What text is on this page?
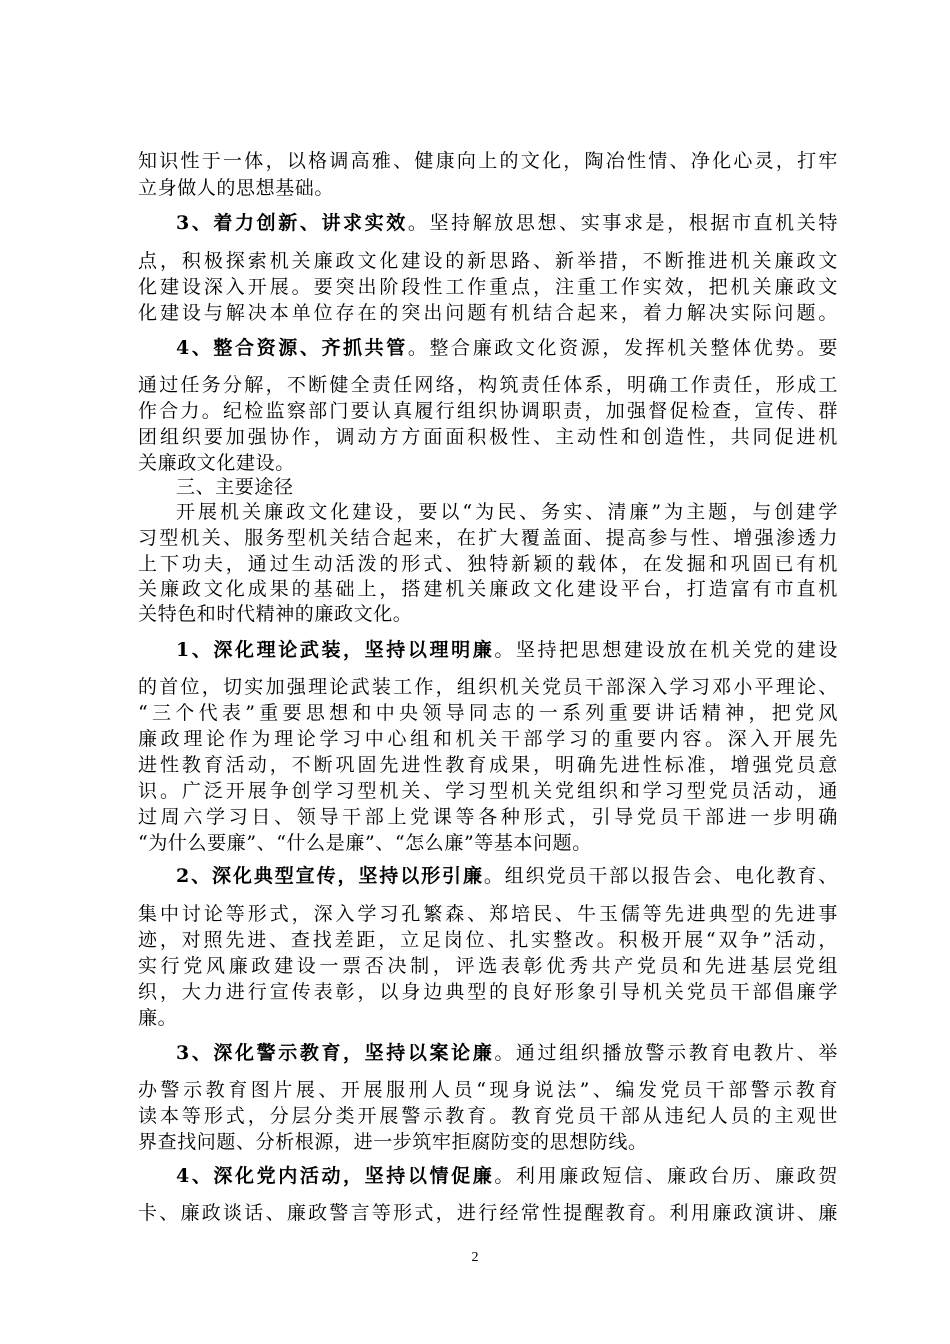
知识性于一体，以格调高雅、健康向上的文化，陶冶性情、净化心灵，打牢
立身做人的思想基础。
3、着力创新、讲求实效。坚持解放思想、实事求是，根据市直机关特
点，积极探索机关廉政文化建设的新思路、新举措，不断推进机关廉政文
化建设深入开展。要突出阶段性工作重点，注重工作实效，把机关廉政文
化建设与解决本单位存在的突出问题有机结合起来，着力解决实际问题。
4、整合资源、齐抓共管。整合廉政文化资源，发挥机关整体优势。要
通过任务分解，不断健全责任网络，构筑责任体系，明确工作责任，形成工
作合力。纪检监察部门要认真履行组织协调职责，加强督促检查，宣传、群
团组织要加强协作，调动方方面面积极性、主动性和创造性，共同促进机
关廉政文化建设。
三、主要途径
开展机关廉政文化建设，要以“为民、务实、清廉”为主题，与创建学
习型机关、服务型机关结合起来，在扩大覆盖面、提高参与性、增强渗透力
上下功夫，通过生动活泼的形式、独特新颖的载体，在发掘和巩固已有机
关廉政文化成果的基础上，搭建机关廉政文化建设平台，打造富有市直机
关特色和时代精神的廉政文化。
1、深化理论武装，坚持以理明廉。坚持把思想建设放在机关党的建设
的首位，切实加强理论武装工作，组织机关党员干部深入学习邓小平理论、
“三个代表”重要思想和中央领导同志的一系列重要讲话精神，把党风
廉政理论作为理论学习中心组和机关干部学习的重要内容。深入开展先
进性教育活动，不断巩固先进性教育成果，明确先进性标准，增强党员意
识。广泛开展争创学习型机关、学习型机关党组织和学习型党员活动，通
过周六学习日、领导干部上党课等各种形式，引导党员干部进一步明确
“为什么要廉”、“什么是廉”、“怎么廉”等基本问题。
2、深化典型宣传，坚持以形引廉。组织党员干部以报告会、电化教育、
集中讨论等形式，深入学习孔繁森、郑培民、牛玉儒等先进典型的先进事
迹，对照先进、查找差距，立足岗位、扎实整改。积极开展“双争”活动，
实行党风廉政建设一票否决制，评选表彰优秀共产党员和先进基层党组
织，大力进行宣传表彰，以身边典型的良好形象引导机关党员干部倡廉学
廉。
3、深化警示教育，坚持以案论廉。通过组织播放警示教育电教片、举
办警示教育图片展、开展服刑人员“现身说法”、编发党员干部警示教育
读本等形式，分层分类开展警示教育。教育党员干部从违纪人员的主观世
界查找问题、分析根源，进一步筑牢拒腐防变的思想防线。
4、深化党内活动，坚持以情促廉。利用廉政短信、廉政台历、廉政贺
卡、廉政谈话、廉政警言等形式，进行经常性提醒教育。利用廉政演讲、廉
2
